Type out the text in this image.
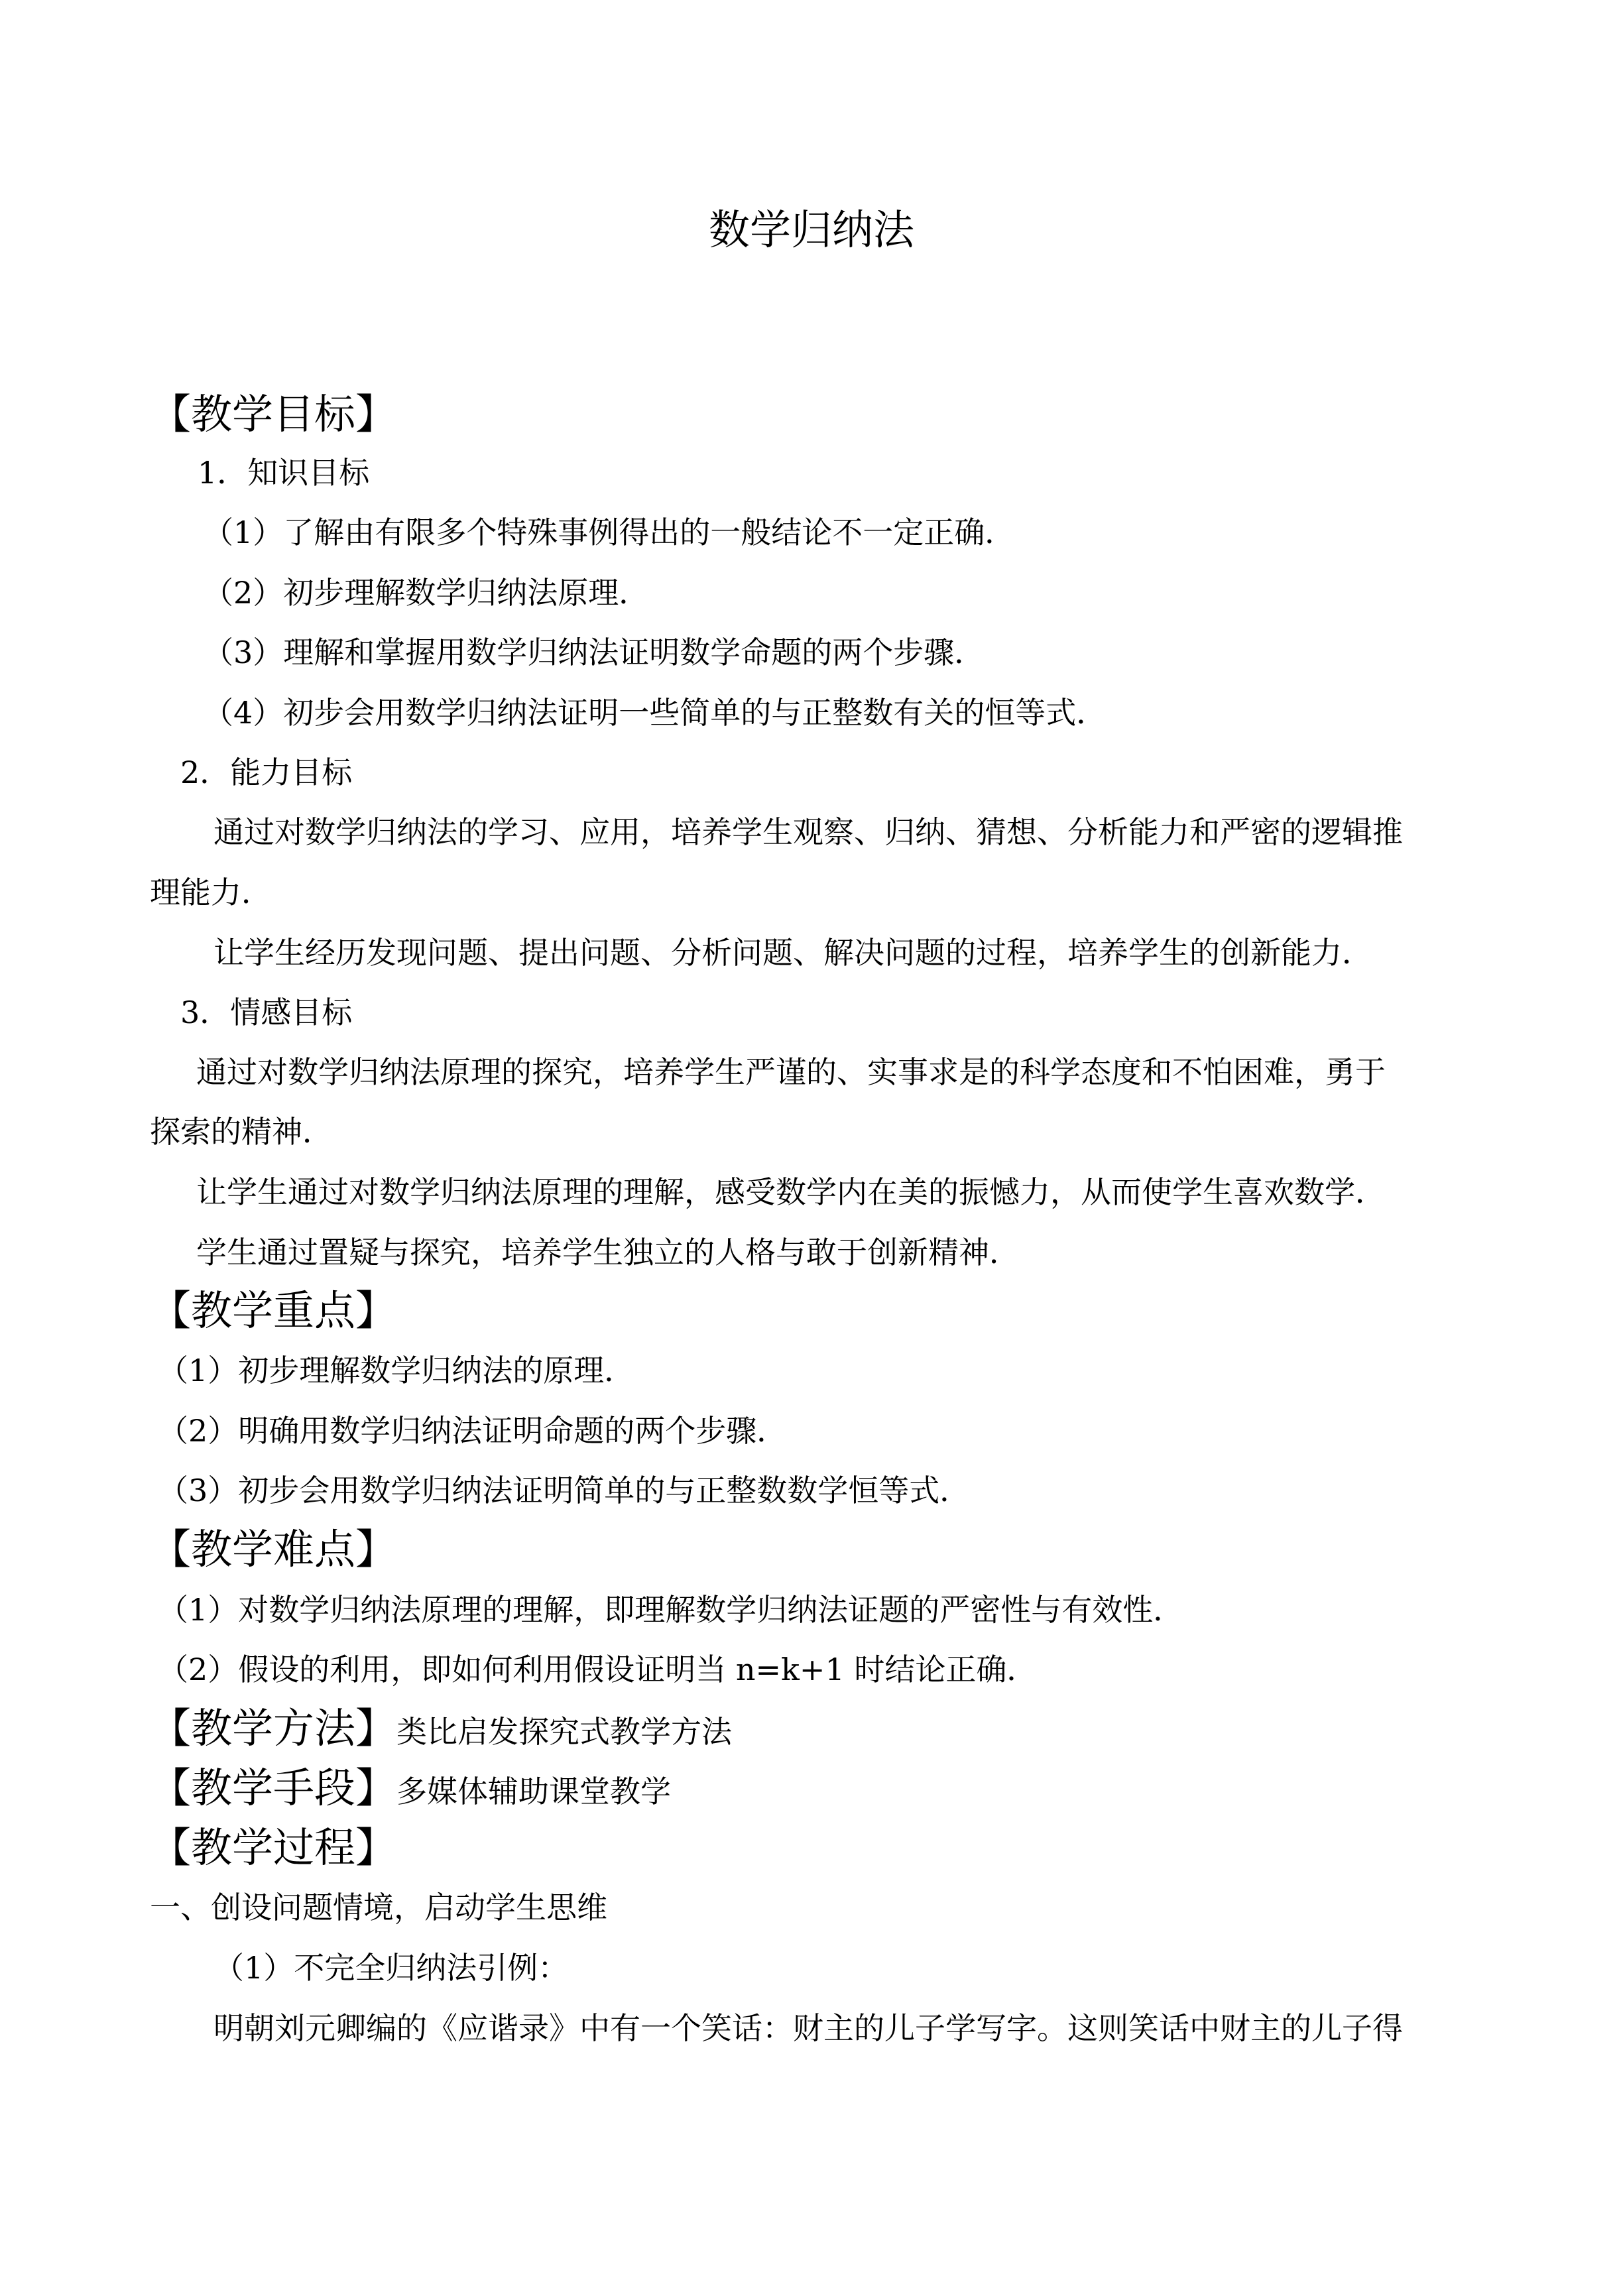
数学归纳法
【教学目标】
1．知识目标
（1）了解由有限多个特殊事例得出的一般结论不一定正确．
（2）初步理解数学归纳法原理．
（3）理解和掌握用数学归纳法证明数学命题的两个步骤．
（4）初步会用数学归纳法证明一些简单的与正整数有关的恒等式．
2．能力目标
通过对数学归纳法的学习、应用，培养学生观察、归纳、猜想、分析能力和严密的逻辑推
理能力．
让学生经历发现问题、提出问题、分析问题、解决问题的过程，培养学生的创新能力．
3．情感目标
通过对数学归纳法原理的探究，培养学生严谨的、实事求是的科学态度和不怕困难，勇于
探索的精神．
让学生通过对数学归纳法原理的理解，感受数学内在美的振憾力，从而使学生喜欢数学．
学生通过置疑与探究，培养学生独立的人格与敢于创新精神．
【教学重点】
（1）初步理解数学归纳法的原理．
（2）明确用数学归纳法证明命题的两个步骤．
（3）初步会用数学归纳法证明简单的与正整数数学恒等式．
【教学难点】
（1）对数学归纳法原理的理解，即理解数学归纳法证题的严密性与有效性．
（2）假设的利用，即如何利用假设证明当 n=k+1 时结论正确．
【教学方法】类比启发探究式教学方法
【教学手段】多媒体辅助课堂教学
【教学过程】
一、创设问题情境，启动学生思维
（1）不完全归纳法引例：
明朝刘元卿编的《应谐录》中有一个笑话：财主的儿子学写字。这则笑话中财主的儿子得
